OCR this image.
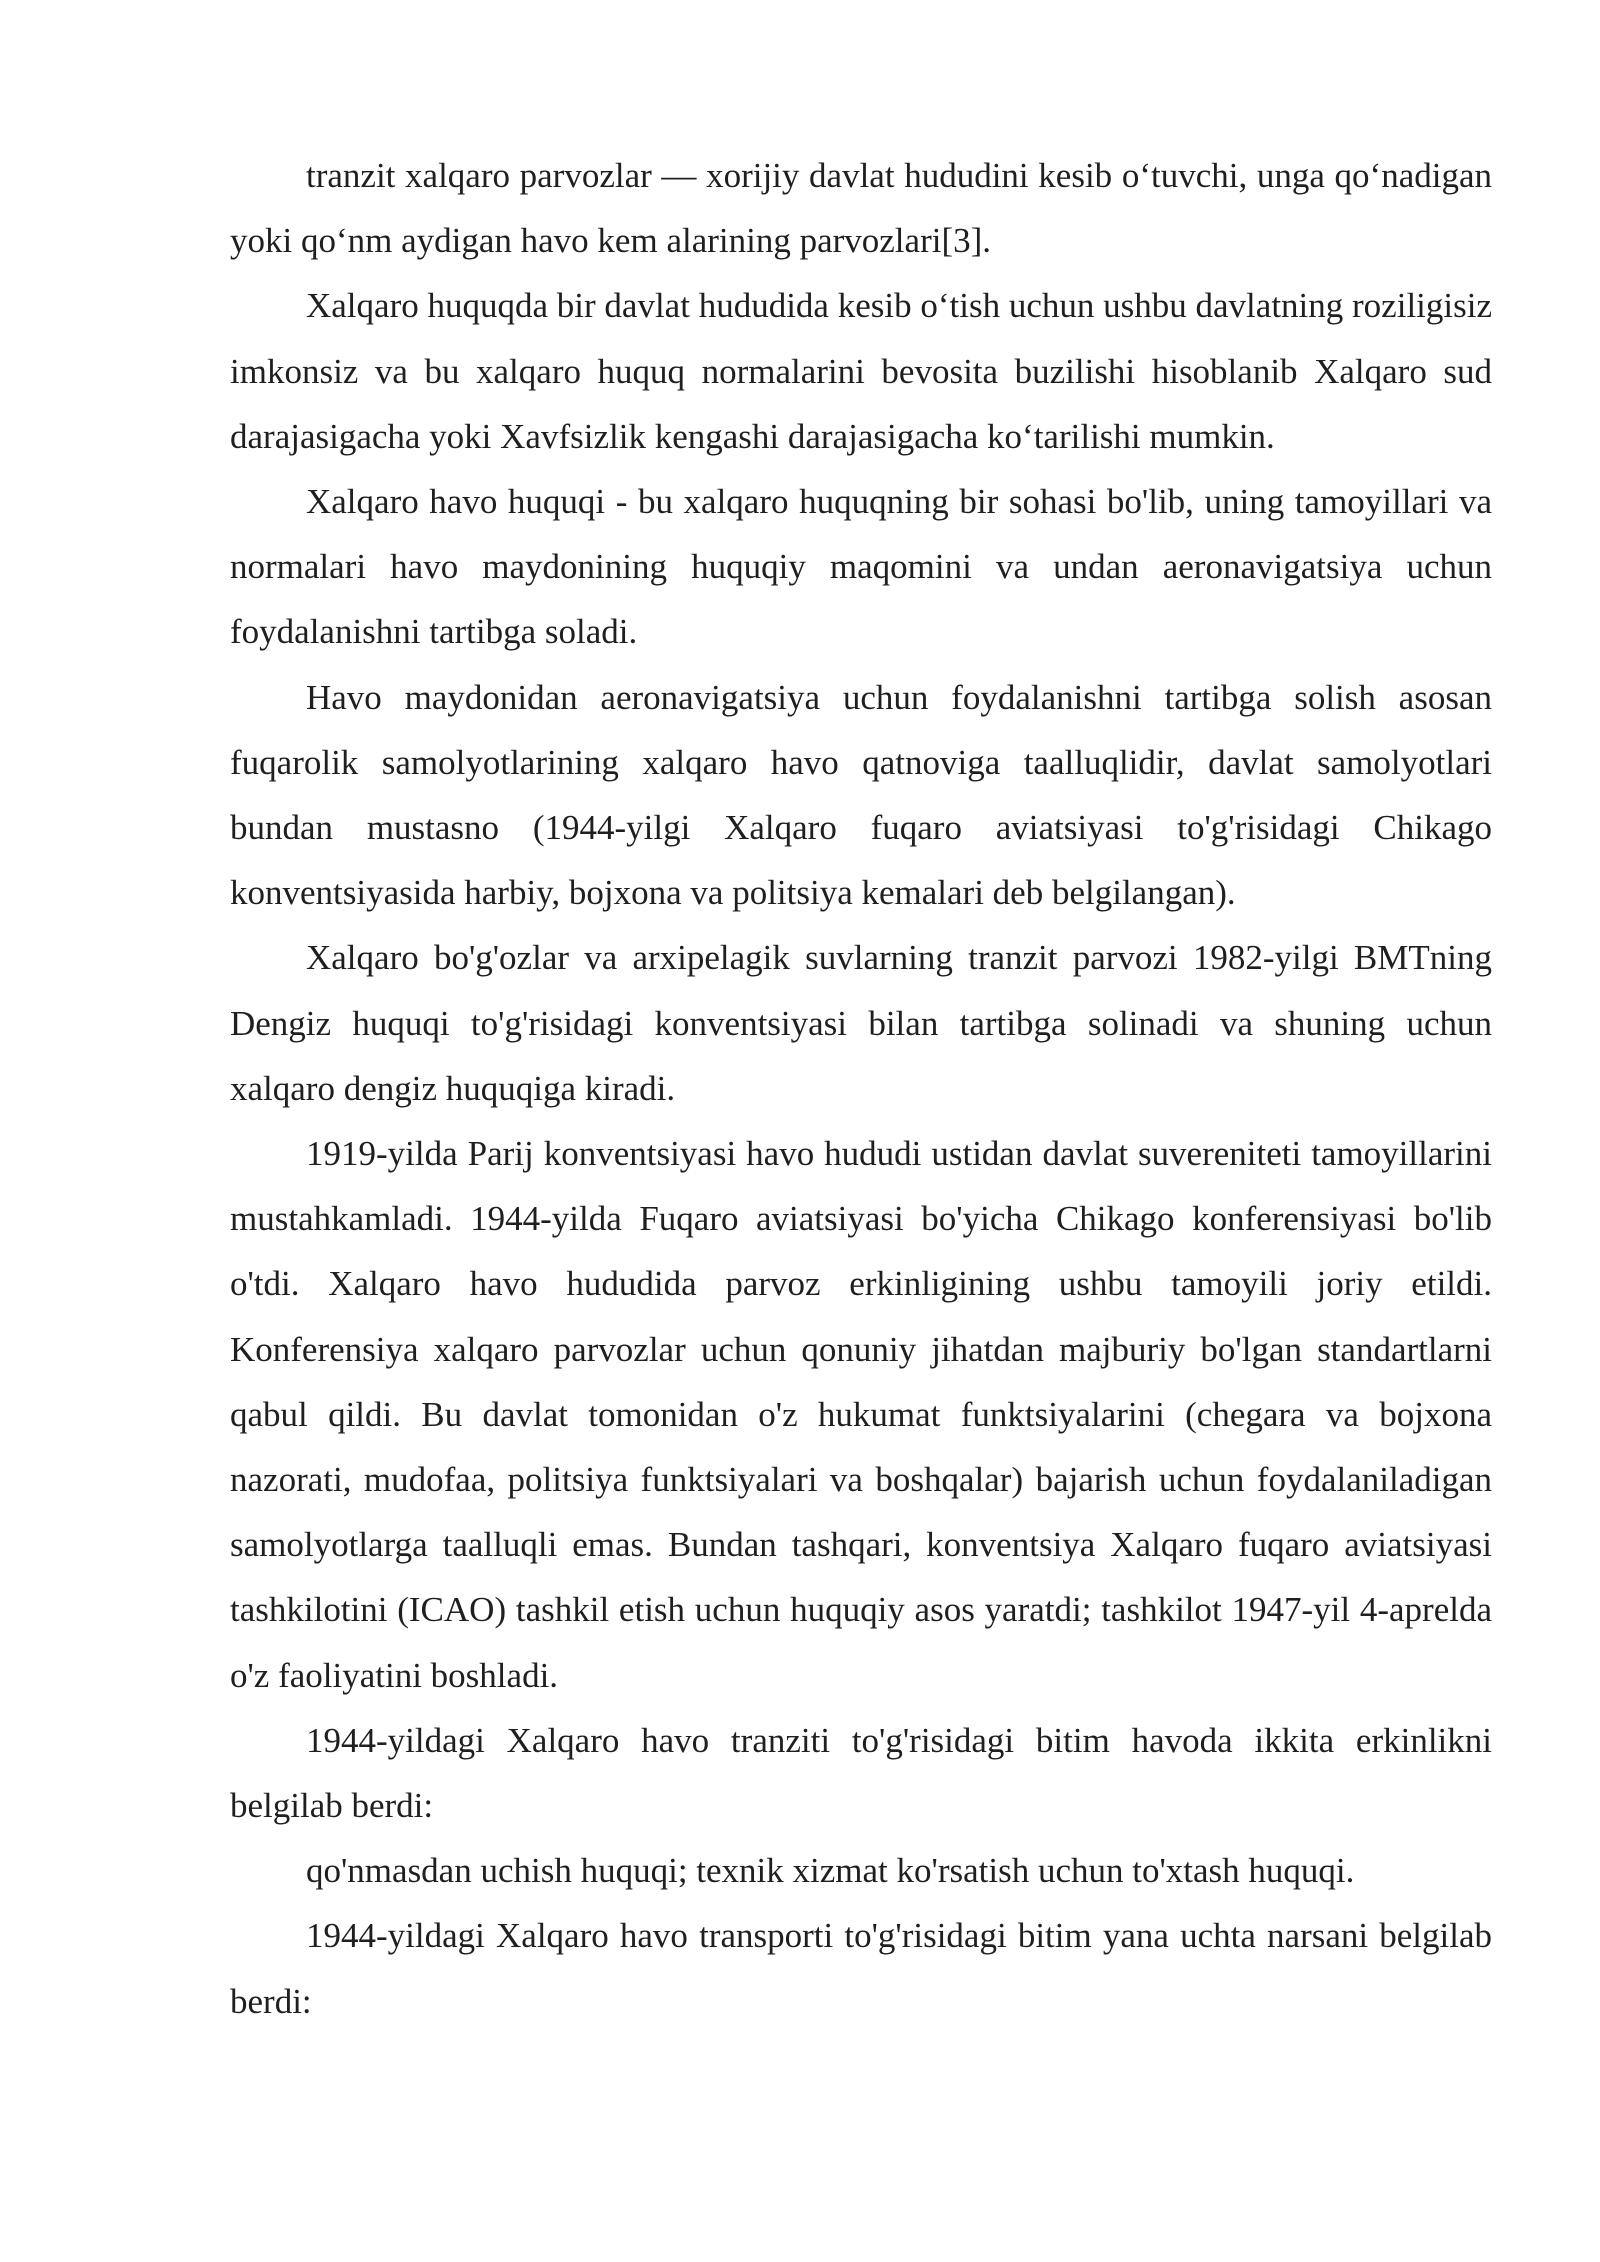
tranzit xalqaro parvozlar — xorijiy davlat hududini kesib o‘tuvchi, unga qo‘nadigan yoki qo‘nm aydigan havo kem alarining parvozlari[3].

Xalqaro huquqda bir davlat hududida kesib o‘tish uchun ushbu davlatning roziligisiz imkonsiz va bu xalqaro huquq normalarini bevosita buzilishi hisoblanib Xalqaro sud darajasigacha yoki Xavfsizlik kengashi darajasigacha ko‘tarilishi mumkin.

Xalqaro havo huquqi - bu xalqaro huquqning bir sohasi bo'lib, uning tamoyillari va normalari havo maydonining huquqiy maqomini va undan aeronavigatsiya uchun foydalanishni tartibga soladi.

Havo maydonidan aeronavigatsiya uchun foydalanishni tartibga solish asosan fuqarolik samolyotlarining xalqaro havo qatnoviga taalluqlidir, davlat samolyotlari bundan mustasno (1944-yilgi Xalqaro fuqaro aviatsiyasi to'g'risidagi Chikago konventsiyasida harbiy, bojxona va politsiya kemalari deb belgilangan).

Xalqaro bo'g'ozlar va arxipelagik suvlarning tranzit parvozi 1982-yilgi BMTning Dengiz huquqi to'g'risidagi konventsiyasi bilan tartibga solinadi va shuning uchun xalqaro dengiz huquqiga kiradi.

1919-yilda Parij konventsiyasi havo hududi ustidan davlat suvereniteti tamoyillarini mustahkamladi. 1944-yilda Fuqaro aviatsiyasi bo'yicha Chikago konferensiyasi bo'lib o'tdi. Xalqaro havo hududida parvoz erkinligining ushbu tamoyili joriy etildi. Konferensiya xalqaro parvozlar uchun qonuniy jihatdan majburiy bo'lgan standartlarni qabul qildi. Bu davlat tomonidan o'z hukumat funktsiyalarini (chegara va bojxona nazorati, mudofaa, politsiya funktsiyalari va boshqalar) bajarish uchun foydalaniladigan samolyotlarga taalluqli emas. Bundan tashqari, konventsiya Xalqaro fuqaro aviatsiyasi tashkilotini (ICAO) tashkil etish uchun huquqiy asos yaratdi; tashkilot 1947-yil 4-aprelda o'z faoliyatini boshladi.

1944-yildagi Xalqaro havo tranziti to'g'risidagi bitim havoda ikkita erkinlikni belgilab berdi:

qo'nmasdan uchish huquqi; texnik xizmat ko'rsatish uchun to'xtash huquqi.

1944-yildagi Xalqaro havo transporti to'g'risidagi bitim yana uchta narsani belgilab berdi:
